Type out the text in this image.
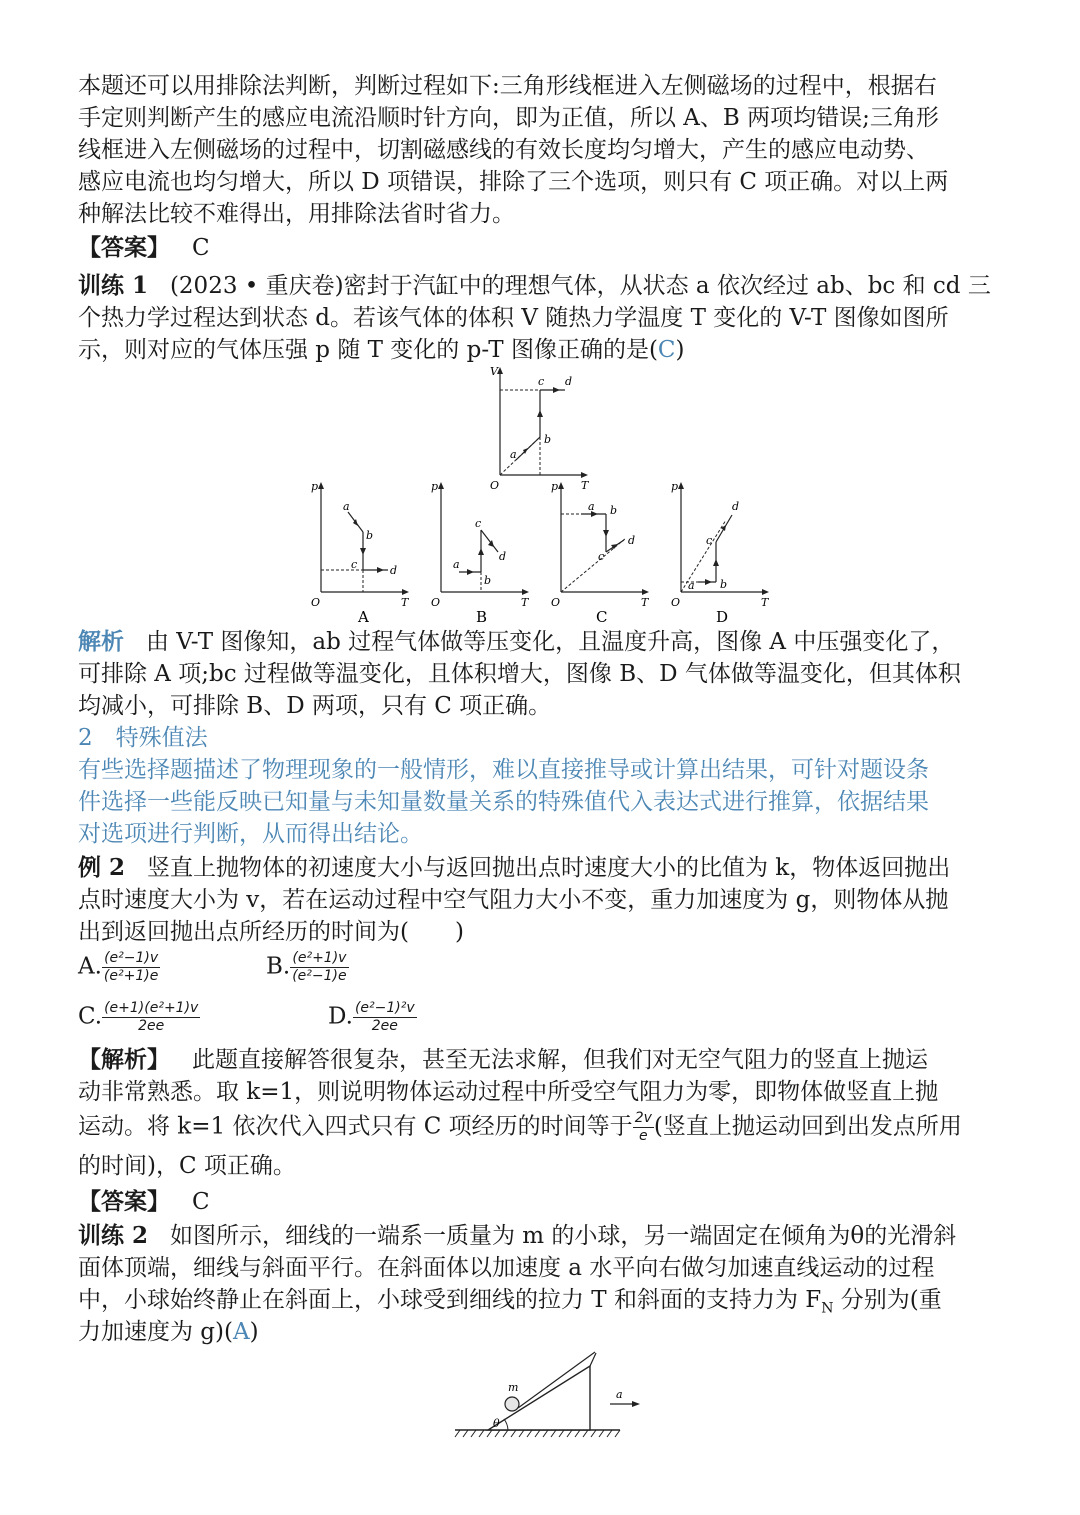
本题还可以用排除法判断，判断过程如下:三角形线框进入左侧磁场的过程中，根据右
手定则判断产生的感应电流沿顺时针方向，即为正值，所以 A、B 两项均错误;三角形
线框进入左侧磁场的过程中，切割磁感线的有效长度均匀增大，产生的感应电动势、
感应电流也均匀增大，所以 D 项错误，排除了三个选项，则只有 C 项正确。对以上两
种解法比较不难得出，用排除法省时省力。
【答案】 C
训练 1 (2023 • 重庆卷)密封于汽缸中的理想气体，从状态 a 依次经过 ab、bc 和 cd 三
个热力学过程达到状态 d。若该气体的体积 V 随热力学温度 T 变化的 V-T 图像如图所
示，则对应的气体压强 p 随 T 变化的 p-T 图像正确的是(C)
V
T
O
a
b
c d
p
T
O
a
b
c	d
A
p
T
O
a
b
c
d
B
p
T
O
a b
c
d
C
p
T
O
a b
c
d
D
解析 由 V-T 图像知，ab 过程气体做等压变化，且温度升高，图像 A 中压强变化了，
可排除 A 项;bc 过程做等温变化，且体积增大，图像 B、D 气体做等温变化，但其体积
均减小，可排除 B、D 两项，只有 C 项正确。
2　特殊值法
有些选择题描述了物理现象的一般情形，难以直接推导或计算出结果，可针对题设条
件选择一些能反映已知量与未知量数量关系的特殊值代入表达式进行推算，依据结果
对选项进行判断，从而得出结论。
例 2 竖直上抛物体的初速度大小与返回抛出点时速度大小的比值为 k，物体返回抛出
点时速度大小为 v，若在运动过程中空气阻力大小不变，重力加速度为 g，则物体从抛
出到返回抛出点所经历的时间为(　　)
A. $\frac{\text{(e²−1)v}}{\text{(e²+1)e}}$	B. $\frac{\text{(e²+1)v}}{\text{(e²−1)e}}$
C. $\frac{\text{(e+1)(e²+1)v}}{2ee}$	D. $\frac{\text{(e²−1)²v}}{2ee}$
【解析】 此题直接解答很复杂，甚至无法求解，但我们对无空气阻力的竖直上抛运
动非常熟悉。取 k=1，则说明物体运动过程中所受空气阻力为零，即物体做竖直上抛
运动。将 k=1 依次代入四式只有 C 项经历的时间等于 $\frac{2v}{e}$ (竖直上抛运动回到出发点所用
的时间)，C 项正确。
【答案】 C
训练 2 如图所示，细线的一端系一质量为 m 的小球，另一端固定在倾角为θ的光滑斜
面体顶端，细线与斜面平行。在斜面体以加速度 a 水平向右做匀加速直线运动的过程
中，小球始终静止在斜面上，小球受到细线的拉力 T 和斜面的支持力为 $F_N$ 分别为(重
力加速度为 g)(A)
m
θ
a
